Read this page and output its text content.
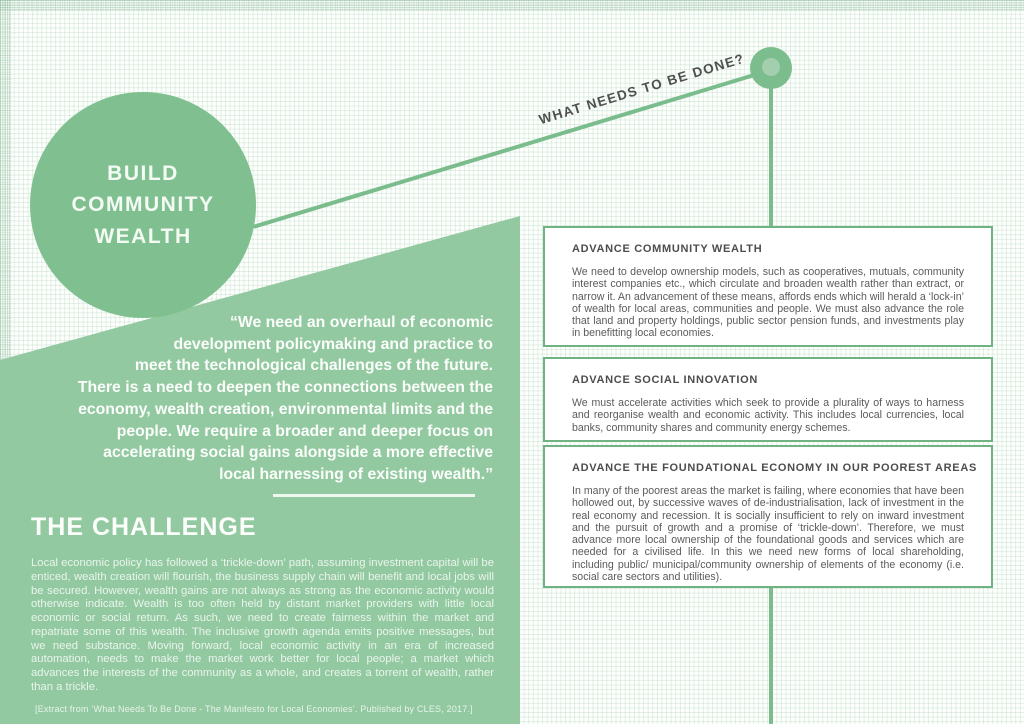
“We need an overhaul of economic
development policymaking and practice to
meet the technological challenges of the future.
There is a need to deepen the connections between the
economy, wealth creation, environmental limits and the
people. We require a broader and deeper focus on
accelerating social gains alongside a more effective
local harnessing of existing wealth.”
THE CHALLENGE
Local economic policy has followed a ‘trickle-down’ path, assuming investment capital will be enticed, wealth creation will flourish, the business supply chain will benefit and local jobs will be secured. However, wealth gains are not always as strong as the economic activity would otherwise indicate. Wealth is too often held by distant market providers with little local economic or social return. As such, we need to create fairness within the market and repatriate some of this wealth. The inclusive growth agenda emits positive messages, but we need substance. Moving forward, local economic activity in an era of increased automation, needs to make the market work better for local people; a market which advances the interests of the community as a whole, and creates a torrent of wealth, rather than a trickle.
[Extract from ‘What Needs To Be Done - The Manifesto for Local Economies’. Published by CLES, 2017.]
BUILD
COMMUNITY
WEALTH
WHAT NEEDS TO BE DONE?
ADVANCE COMMUNITY WEALTH
We need to develop ownership models, such as cooperatives, mutuals, community interest companies etc., which circulate and broaden wealth rather than extract, or narrow it. An advancement of these means, affords ends which will herald a ‘lock-in’ of wealth for local areas, communities and people. We must also advance the role that land and property holdings, public sector pension funds, and investments play in benefitting local economies.
ADVANCE SOCIAL INNOVATION
We must accelerate activities which seek to provide a plurality of ways to harness and reorganise wealth and economic activity. This includes local currencies, local banks, community shares and community energy schemes.
ADVANCE THE FOUNDATIONAL ECONOMY IN OUR POOREST AREAS
In many of the poorest areas the market is failing, where economies that have been hollowed out, by successive waves of de-industrialisation, lack of investment in the real economy and recession. It is socially insufficient to rely on inward investment and the pursuit of growth and a promise of ‘trickle-down’. Therefore, we must advance more local ownership of the foundational goods and services which are needed for a civilised life. In this we need new forms of local shareholding, including public/ municipal/community ownership of elements of the economy (i.e. social care sectors and utilities).
